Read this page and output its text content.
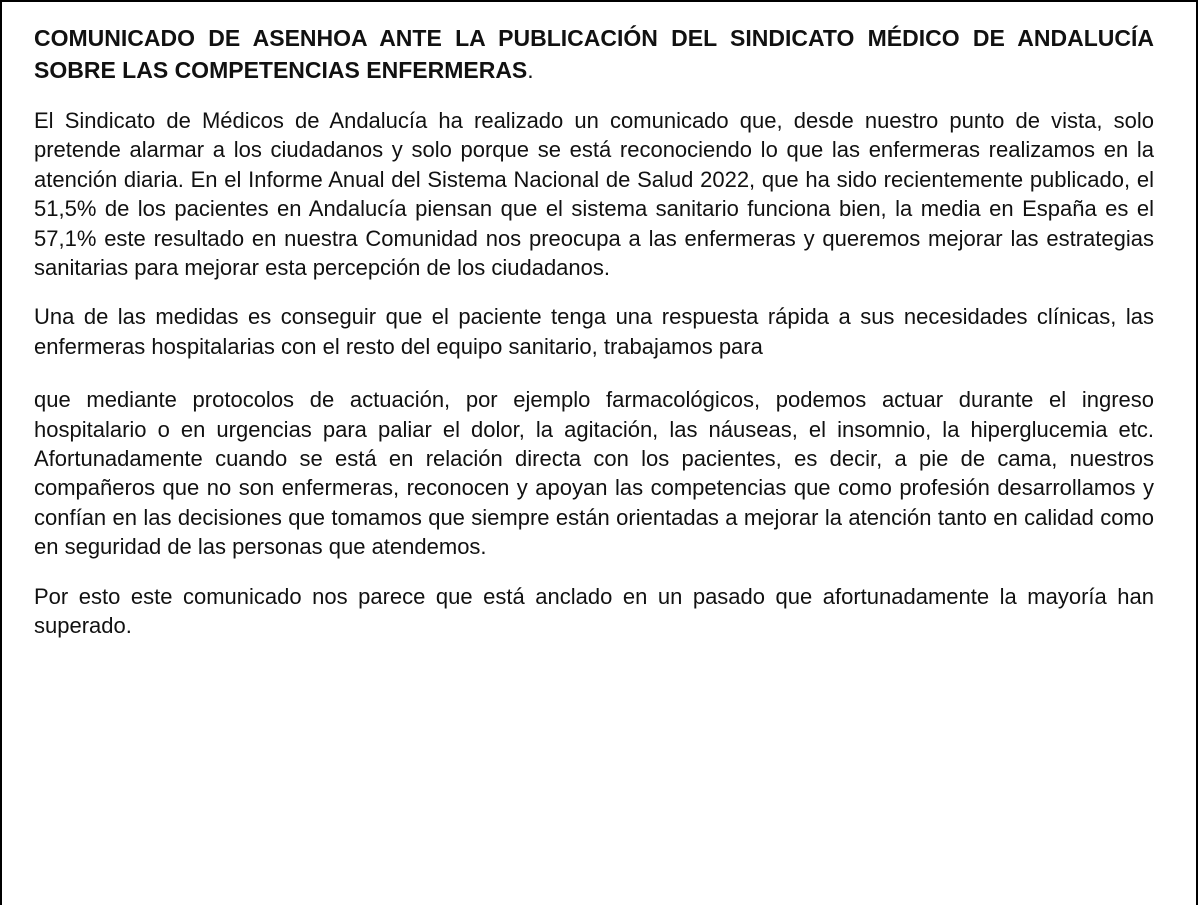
COMUNICADO DE ASENHOA ANTE LA PUBLICACIÓN DEL SINDICATO MÉDICO DE ANDALUCÍA SOBRE LAS COMPETENCIAS ENFERMERAS.

El Sindicato de Médicos de Andalucía ha realizado un comunicado que, desde nuestro punto de vista, solo pretende alarmar a los ciudadanos y solo porque se está reconociendo lo que las enfermeras realizamos en la atención diaria. En el Informe Anual del Sistema Nacional de Salud 2022, que ha sido recientemente publicado, el 51,5% de los pacientes en Andalucía piensan que el sistema sanitario funciona bien, la media en España es el 57,1% este resultado en nuestra Comunidad nos preocupa a las enfermeras y queremos mejorar las estrategias sanitarias para mejorar esta percepción de los ciudadanos.

Una de las medidas es conseguir que el paciente tenga una respuesta rápida a sus necesidades clínicas, las enfermeras hospitalarias con el resto del equipo sanitario, trabajamos para

que mediante protocolos de actuación, por ejemplo farmacológicos, podemos actuar durante el ingreso hospitalario o en urgencias para paliar el dolor, la agitación, las náuseas, el insomnio, la hiperglucemia etc. Afortunadamente cuando se está en relación directa con los pacientes, es decir, a pie de cama, nuestros compañeros que no son enfermeras, reconocen y apoyan las competencias que como profesión desarrollamos y confían en las decisiones que tomamos que siempre están orientadas a mejorar la atención tanto en calidad como en seguridad de las personas que atendemos.

Por esto este comunicado nos parece que está anclado en un pasado que afortunadamente la mayoría han superado.
